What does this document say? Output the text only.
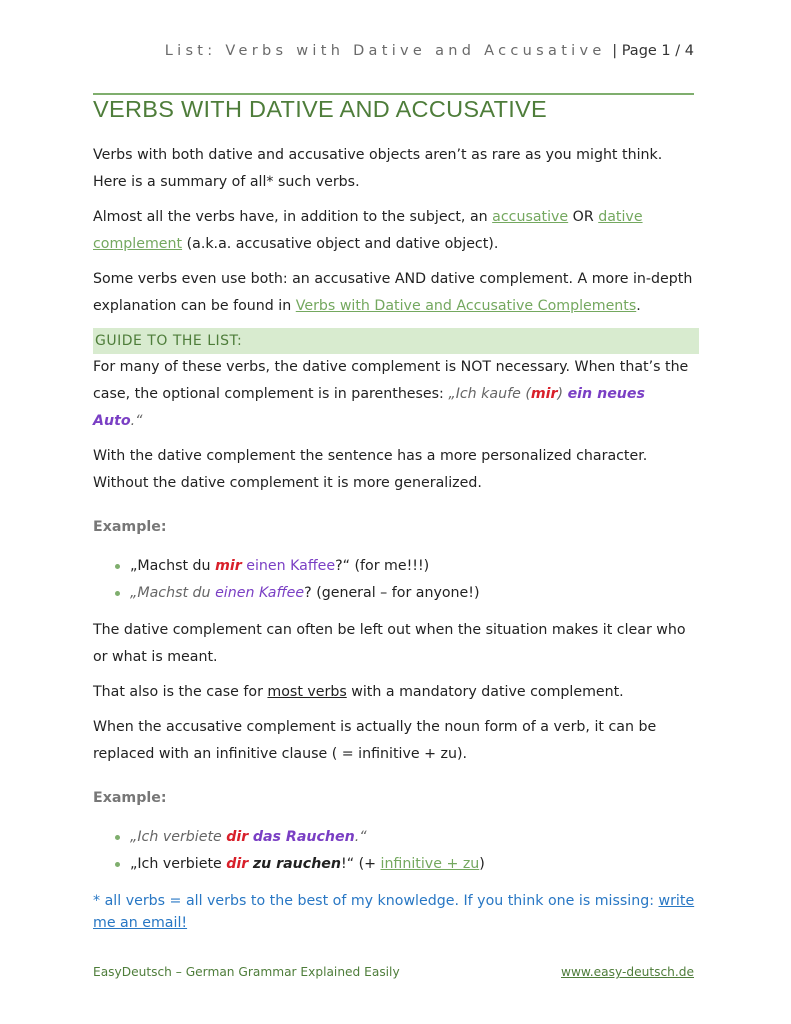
List: Verbs with Dative and Accusative | Page 1 / 4
VERBS WITH DATIVE AND ACCUSATIVE

Verbs with both dative and accusative objects aren’t as rare as you might think. Here is a summary of all* such verbs.

Almost all the verbs have, in addition to the subject, an accusative OR dative complement (a.k.a. accusative object and dative object).

Some verbs even use both: an accusative AND dative complement. A more in-depth explanation can be found in Verbs with Dative and Accusative Complements.

GUIDE TO THE LIST:

For many of these verbs, the dative complement is NOT necessary. When that’s the case, the optional complement is in parentheses: „Ich kaufe (mir) ein neues Auto.“

With the dative complement the sentence has a more personalized character. Without the dative complement it is more generalized.

Example:
„Machst du mir einen Kaffee?“ (for me!!!)
„Machst du einen Kaffee? (general – for anyone!)

The dative complement can often be left out when the situation makes it clear who or what is meant.

That also is the case for most verbs with a mandatory dative complement.

When the accusative complement is actually the noun form of a verb, it can be replaced with an infinitive clause ( = infinitive + zu).

Example:
„Ich verbiete dir das Rauchen.“
„Ich verbiete dir zu rauchen!“ (+ infinitive + zu)
* all verbs = all verbs to the best of my knowledge. If you think one is missing: write me an email!
EasyDeutsch – German Grammar Explained Easily	www.easy-deutsch.de
